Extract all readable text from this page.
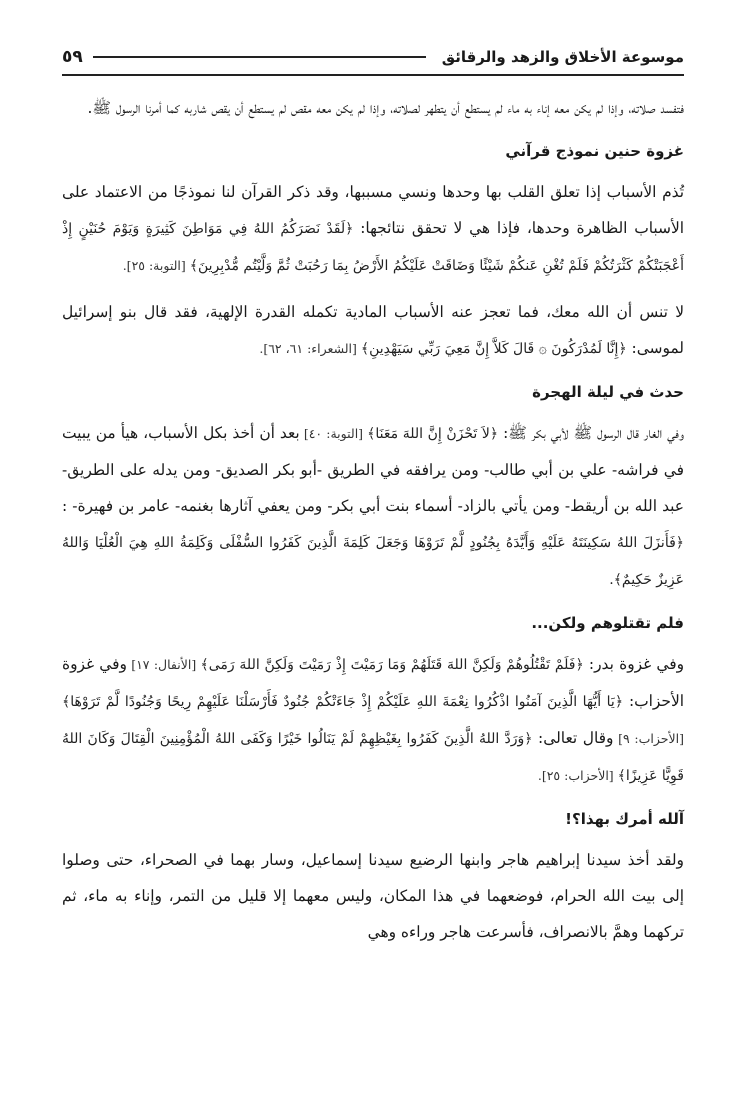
موسوعة الأخلاق والزهد والرقائق
٥٩

فتفسد صلاته، وإذا لم يكن معه إناء به ماء لم يستطع أن يتطهر لصلاته، وإذا لم يكن معه مقص لم يستطع أن يقص شاربه كما أمرنا الرسول ﷺ.

غزوة حنين نموذج قرآني

تُذم الأسباب إذا تعلق القلب بها وحدها ونسي مسببها، وقد ذكر القرآن لنا نموذجًا من الاعتماد على الأسباب الظاهرة وحدها، فإذا هي لا تحقق نتائجها: ﴿لَقَدْ نَصَرَكُمُ اللهُ فِي مَوَاطِنَ كَثِيرَةٍ وَيَوْمَ حُنَيْنٍ إِذْ أَعْجَبَتْكُمْ كَثْرَتُكُمْ فَلَمْ تُغْنِ عَنكُمْ شَيْئًا وَضَاقَتْ عَلَيْكُمُ الأَرْضُ بِمَا رَحُبَتْ ثُمَّ وَلَّيْتُم مُّدْبِرِينَ﴾ [التوبة: ٢٥].

لا تنس أن الله معك، فما تعجز عنه الأسباب المادية تكمله القدرة الإلهية، فقد قال بنو إسرائيل لموسى: ﴿إِنَّا لَمُدْرَكُونَ ۞ قَالَ كَلاَّ إِنَّ مَعِيَ رَبِّي سَيَهْدِينِ﴾ [الشعراء: ٦١، ٦٢].

حدث في ليلة الهجرة

وفي الغار قال الرسول ﷺ لأبي بكر ﷺ: ﴿لاَ تَحْزَنْ إِنَّ اللهَ مَعَنَا﴾ [التوبة: ٤٠] بعد أن أخذ بكل الأسباب، هيأ من يبيت في فراشه- علي بن أبي طالب- ومن يرافقه في الطريق -أبو بكر الصديق- ومن يدله على الطريق- عبد الله بن أريقط- ومن يأتي بالزاد- أسماء بنت أبي بكر- ومن يعفي آثارها بغنمه- عامر بن فهيرة- : ﴿فَأَنزَلَ اللهُ سَكِينَتَهُ عَلَيْهِ وَأَيَّدَهُ بِجُنُودٍ لَّمْ تَرَوْهَا وَجَعَلَ كَلِمَةَ الَّذِينَ كَفَرُوا السُّفْلَى وَكَلِمَةُ اللهِ هِيَ الْعُلْيَا وَاللهُ عَزِيزٌ حَكِيمٌ﴾.

فلم تقتلوهم ولكن...

وفي غزوة بدر: ﴿فَلَمْ تَقْتُلُوهُمْ وَلَكِنَّ اللهَ قَتَلَهُمْ وَمَا رَمَيْتَ إِذْ رَمَيْتَ وَلَكِنَّ اللهَ رَمَى﴾ [الأنفال: ١٧] وفي غزوة الأحزاب: ﴿يَا أَيُّهَا الَّذِينَ آمَنُوا اذْكُرُوا نِعْمَةَ اللهِ عَلَيْكُمْ إِذْ جَاءَتْكُمْ جُنُودٌ فَأَرْسَلْنَا عَلَيْهِمْ رِيحًا وَجُنُودًا لَّمْ تَرَوْهَا﴾ [الأحزاب: ٩] وقال تعالى: ﴿وَرَدَّ اللهُ الَّذِينَ كَفَرُوا بِغَيْظِهِمْ لَمْ يَنَالُوا خَيْرًا وَكَفَى اللهُ الْمُؤْمِنِينَ الْقِتَالَ وَكَانَ اللهُ قَوِيًّا عَزِيزًا﴾ [الأحزاب: ٢٥].

آلله أمرك بهذا؟!

ولقد أخذ سيدنا إبراهيم هاجر وابنها الرضيع سيدنا إسماعيل، وسار بهما في الصحراء، حتى وصلوا إلى بيت الله الحرام، فوضعهما في هذا المكان، وليس معهما إلا قليل من التمر، وإناء به ماء، ثم تركهما وهمَّ بالانصراف، فأسرعت هاجر وراءه وهي
